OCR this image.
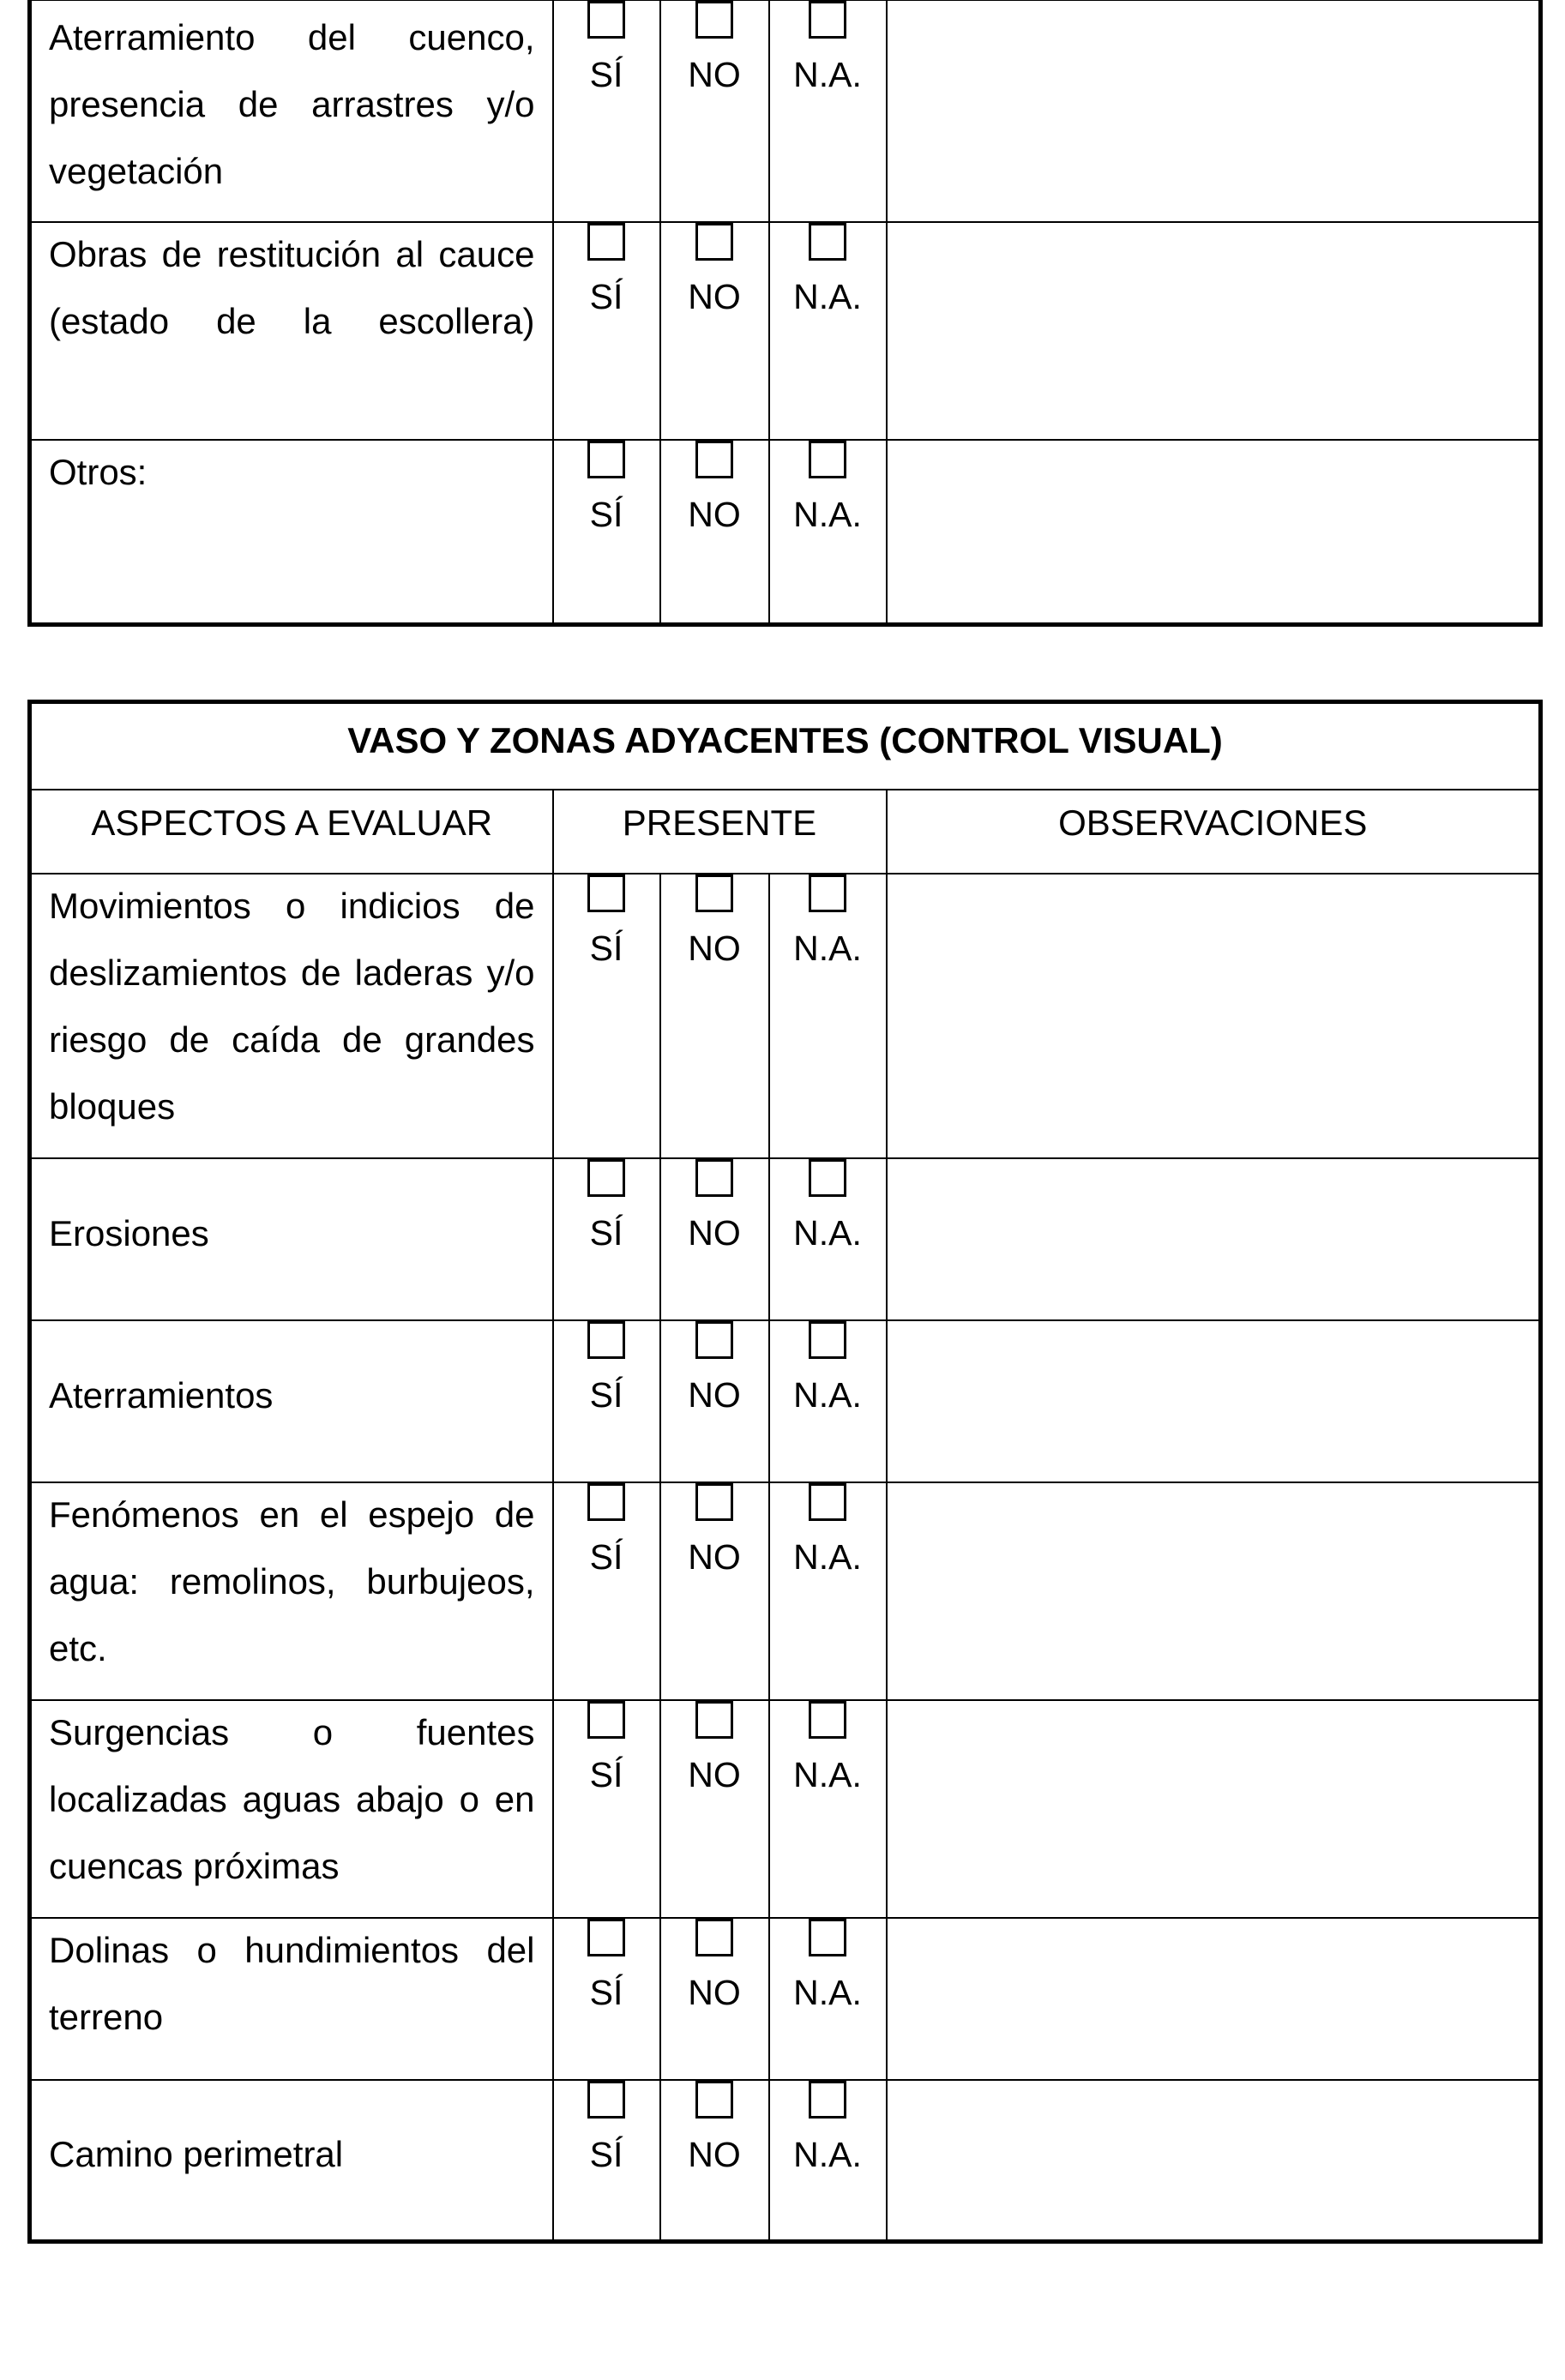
Aterramiento del cuenco, presencia de arrastres y/o vegetación	SÍ	NO	N.A.	

Obras de restitución al cauce (estado de la escollera)	SÍ	NO	N.A.	

Otros:	SÍ	NO	N.A.	

VASO Y ZONAS ADYACENTES (CONTROL VISUAL)				
ASPECTOS A EVALUAR	PRESENTE			OBSERVACIONES

Movimientos o indicios de deslizamientos de laderas y/o riesgo de caída de grandes bloques	SÍ	NO	N.A.	

Erosiones	SÍ	NO	N.A.	

Aterramientos	SÍ	NO	N.A.	

Fenómenos en el espejo de agua: remolinos, burbujeos, etc.	SÍ	NO	N.A.	

Surgencias o fuentes localizadas aguas abajo o en cuencas próximas	SÍ	NO	N.A.	

Dolinas o hundimientos del terreno	SÍ	NO	N.A.	

Camino perimetral	SÍ	NO	N.A.	
